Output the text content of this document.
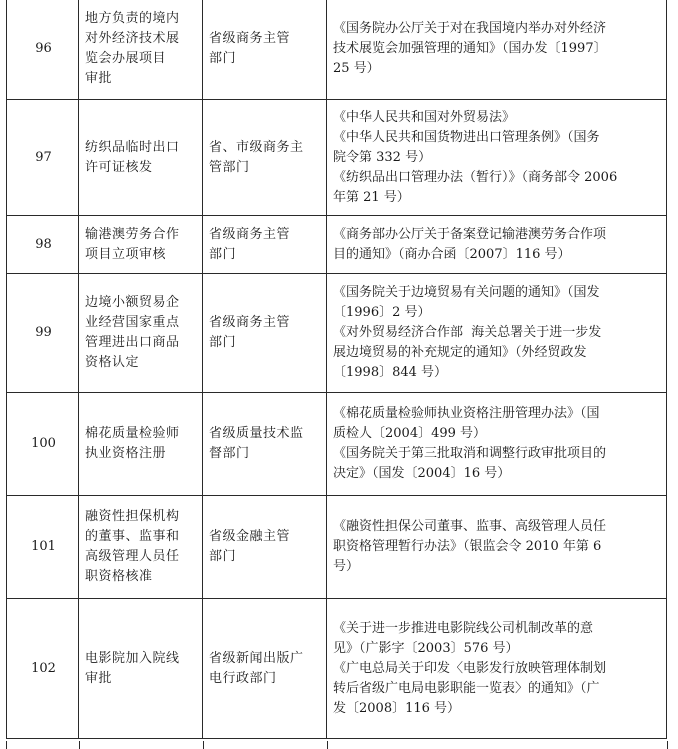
96	地方负责的境内
对外经济技术展
览会办展项目
审批	省级商务主管
部门	《国务院办公厅关于对在我国境内举办对外经济
技术展览会加强管理的通知》（国办发〔1997〕
25 号）

97	纺织品临时出口
许可证核发	省、市级商务主
管部门	《中华人民共和国对外贸易法》
《中华人民共和国货物进出口管理条例》（国务
院令第 332 号）
《纺织品出口管理办法（暂行）》（商务部令 2006
年第 21 号）

98	输港澳劳务合作
项目立项审核	省级商务主管
部门	《商务部办公厅关于备案登记输港澳劳务合作项
目的通知》（商办合函〔2007〕116 号）

99	边境小额贸易企
业经营国家重点
管理进出口商品
资格认定	省级商务主管
部门	《国务院关于边境贸易有关问题的通知》（国发
〔1996〕2 号）
《对外贸易经济合作部  海关总署关于进一步发
展边境贸易的补充规定的通知》（外经贸政发
〔1998〕844 号）

100	棉花质量检验师
执业资格注册	省级质量技术监
督部门	《棉花质量检验师执业资格注册管理办法》（国
质检人〔2004〕499 号）
《国务院关于第三批取消和调整行政审批项目的
决定》（国发〔2004〕16 号）

101	融资性担保机构
的董事、监事和
高级管理人员任
职资格核准	省级金融主管
部门	《融资性担保公司董事、监事、高级管理人员任
职资格管理暂行办法》（银监会令 2010 年第 6
号）

102	电影院加入院线
审批	省级新闻出版广
电行政部门	《关于进一步推进电影院线公司机制改革的意
见》（广影字〔2003〕576 号）
《广电总局关于印发〈电影发行放映管理体制划
转后省级广电局电影职能一览表〉的通知》（广
发〔2008〕116 号）
